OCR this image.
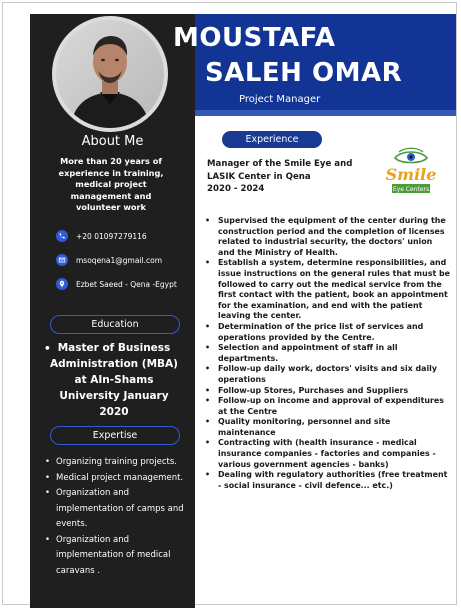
MOUSTAFA
SALEH OMAR
Project Manager
About Me
More than 20 years of experience in training, medical project management and volunteer work
+20 01097279116
msoqena1@gmail.com
Ezbet Saeed - Qena -Egypt
Education
• Master of Business Administration (MBA) at AIn-Shams University January 2020
Expertise
• Organizing training projects.
• Medical project management.
• Organization and implementation of camps and events.
• Organization and implementation of medical caravans .
Experience
Manager of the Smile Eye and
LASIK Center in Qena
2020 - 2024
Smile
Eye Centers
• Supervised the equipment of the center during the construction period and the completion of licenses related to industrial security, the doctors' union and the Ministry of Health.
• Establish a system, determine responsibilities, and issue instructions on the general rules that must be followed to carry out the medical service from the first contact with the patient, book an appointment for the examination, and end with the patient leaving the center.
• Determination of the price list of services and operations provided by the Centre.
• Selection and appointment of staff in all departments.
• Follow-up daily work, doctors' visits and six daily operations
• Follow-up Stores, Purchases and Suppliers
• Follow-up on income and approval of expenditures at the Centre
• Quality monitoring, personnel and site maintenance
• Contracting with (health insurance - medical insurance companies - factories and companies - various government agencies - banks)
• Dealing with regulatory authorities (free treatment - social insurance - civil defence... etc.)
